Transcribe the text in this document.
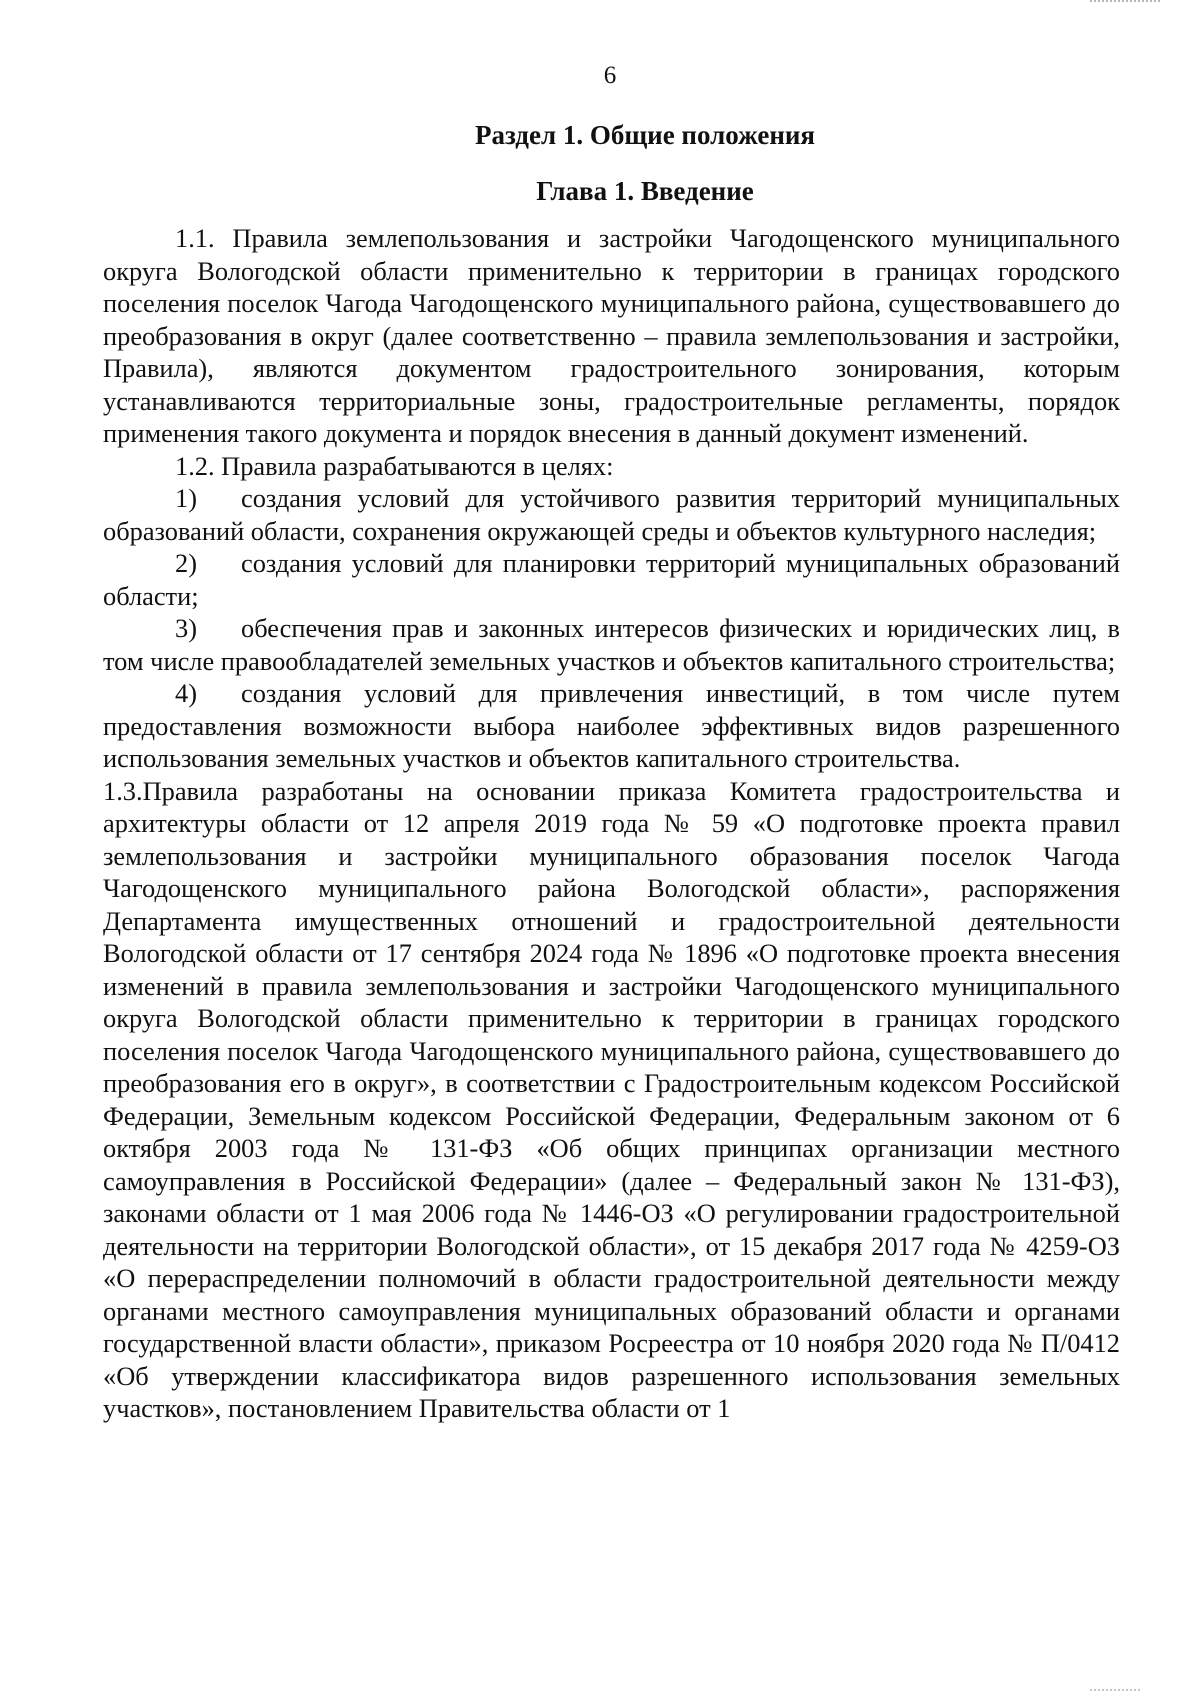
6
Раздел 1. Общие положения
Глава 1. Введение

1.1. Правила землепользования и застройки Чагодощенского муниципального округа Вологодской области применительно к территории в границах городского поселения поселок Чагода Чагодощенского муниципального района, существовавшего до преобразования в округ (далее соответственно – правила землепользования и застройки, Правила), являются документом градостроительного зонирования, которым устанавливаются территориальные зоны, градостроительные регламенты, порядок применения такого документа и порядок внесения в данный документ изменений.

1.2. Правила разрабатываются в целях:

1) создания условий для устойчивого развития территорий муниципальных образований области, сохранения окружающей среды и объектов культурного наследия;

2) создания условий для планировки территорий муниципальных образований области;

3) обеспечения прав и законных интересов физических и юридических лиц, в том числе правообладателей земельных участков и объектов капитального строительства;

4) создания условий для привлечения инвестиций, в том числе путем предоставления возможности выбора наиболее эффективных видов разрешенного использования земельных участков и объектов капитального строительства.

1.3.Правила разработаны на основании приказа Комитета градостроительства и архитектуры области от 12 апреля 2019 года № 59 «О подготовке проекта правил землепользования и застройки муниципального образования поселок Чагода Чагодощенского муниципального района Вологодской области», распоряжения Департамента имущественных отношений и градостроительной деятельности Вологодской области от 17 сентября 2024 года № 1896 «О подготовке проекта внесения изменений в правила землепользования и застройки Чагодощенского муниципального округа Вологодской области применительно к территории в границах городского поселения поселок Чагода Чагодощенского муниципального района, существовавшего до преобразования его в округ», в соответствии с Градостроительным кодексом Российской Федерации, Земельным кодексом Российской Федерации, Федеральным законом от 6 октября 2003 года № 131-ФЗ «Об общих принципах организации местного самоуправления в Российской Федерации» (далее – Федеральный закон № 131-ФЗ), законами области от 1 мая 2006 года № 1446-ОЗ «О регулировании градостроительной деятельности на территории Вологодской области», от 15 декабря 2017 года № 4259-ОЗ «О перераспределении полномочий в области градостроительной деятельности между органами местного самоуправления муниципальных образований области и органами государственной власти области», приказом Росреестра от 10 ноября 2020 года № П/0412 «Об утверждении классификатора видов разрешенного использования земельных участков», постановлением Правительства области от 1
